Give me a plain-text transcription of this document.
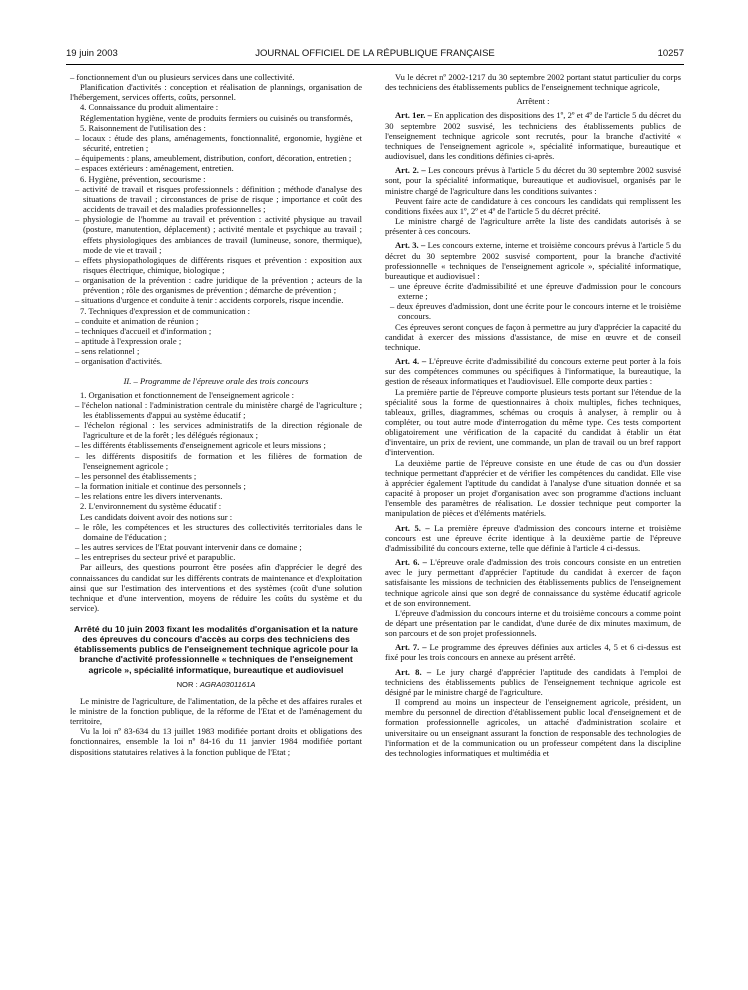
19 juin 2003	JOURNAL OFFICIEL DE LA RÉPUBLIQUE FRANÇAISE	10257

– fonctionnement d'un ou plusieurs services dans une collectivité.

Planification d'activités : conception et réalisation de plannings, organisation de l'hébergement, services offerts, coûts, personnel.

4. Connaissance du produit alimentaire :

Réglementation hygiène, vente de produits fermiers ou cuisinés ou transformés,

5. Raisonnement de l'utilisation des :

– locaux : étude des plans, aménagements, fonctionnalité, ergonomie, hygiène et sécurité, entretien ;

– équipements : plans, ameublement, distribution, confort, décoration, entretien ;

– espaces extérieurs : aménagement, entretien.

6. Hygiène, prévention, secourisme :

– activité de travail et risques professionnels : définition ; méthode d'analyse des situations de travail ; circonstances de prise de risque ; importance et coût des accidents de travail et des maladies professionnelles ;

– physiologie de l'homme au travail et prévention : activité physique au travail (posture, manutention, déplacement) ; activité mentale et psychique au travail ; effets physiologiques des ambiances de travail (lumineuse, sonore, thermique), mode de vie et travail ;

– effets physiopathologiques de différents risques et prévention : exposition aux risques électrique, chimique, biologique ;

– organisation de la prévention : cadre juridique de la prévention ; acteurs de la prévention ; rôle des organismes de prévention ; démarche de prévention ;

– situations d'urgence et conduite à tenir : accidents corporels, risque incendie.

7. Techniques d'expression et de communication :

– conduite et animation de réunion ;

– techniques d'accueil et d'information ;

– aptitude à l'expression orale ;

– sens relationnel ;

– organisation d'activités.

II. – Programme de l'épreuve orale des trois concours

1. Organisation et fonctionnement de l'enseignement agricole :

– l'échelon national : l'administration centrale du ministère chargé de l'agriculture ; les établissements d'appui au système éducatif ;

– l'échelon régional : les services administratifs de la direction régionale de l'agriculture et de la forêt ; les délégués régionaux ;

– les différents établissements d'enseignement agricole et leurs missions ;

– les différents dispositifs de formation et les filières de formation de l'enseignement agricole ;

– les personnel des établissements ;

– la formation initiale et continue des personnels ;

– les relations entre les divers intervenants.

2. L'environnement du système éducatif :

Les candidats doivent avoir des notions sur :

– le rôle, les compétences et les structures des collectivités territoriales dans le domaine de l'éducation ;

– les autres services de l'Etat pouvant intervenir dans ce domaine ;

– les entreprises du secteur privé et parapublic.

Par ailleurs, des questions pourront être posées afin d'apprécier le degré des connaissances du candidat sur les différents contrats de maintenance et d'exploitation ainsi que sur l'estimation des interventions et des systèmes (coût d'une solution technique et d'une intervention, moyens de réduire les coûts du système et du service).

Arrêté du 10 juin 2003 fixant les modalités d'organisation et la nature des épreuves du concours d'accès au corps des techniciens des établissements publics de l'enseignement technique agricole pour la branche d'activité professionnelle « techniques de l'enseignement agricole », spécialité informatique, bureautique et audiovisuel

NOR : AGRA0301161A

Le ministre de l'agriculture, de l'alimentation, de la pêche et des affaires rurales et le ministre de la fonction publique, de la réforme de l'Etat et de l'aménagement du territoire,

Vu la loi nº 83-634 du 13 juillet 1983 modifiée portant droits et obligations des fonctionnaires, ensemble la loi nº 84-16 du 11 janvier 1984 modifiée portant dispositions statutaires relatives à la fonction publique de l'Etat ;

Vu le décret nº 2002-1217 du 30 septembre 2002 portant statut particulier du corps des techniciens des établissements publics de l'enseignement technique agricole,

Arrêtent :

Art. 1er. – En application des dispositions des 1º, 2º et 4º de l'article 5 du décret du 30 septembre 2002 susvisé, les techniciens des établissements publics de l'enseignement technique agricole sont recrutés, pour la branche d'activité « techniques de l'enseignement agricole », spécialité informatique, bureautique et audiovisuel, dans les conditions définies ci-après.

Art. 2. – Les concours prévus à l'article 5 du décret du 30 septembre 2002 susvisé sont, pour la spécialité informatique, bureautique et audiovisuel, organisés par le ministre chargé de l'agriculture dans les conditions suivantes :

Peuvent faire acte de candidature à ces concours les candidats qui remplissent les conditions fixées aux 1º, 2º et 4º de l'article 5 du décret précité.

Le ministre chargé de l'agriculture arrête la liste des candidats autorisés à se présenter à ces concours.

Art. 3. – Les concours externe, interne et troisième concours prévus à l'article 5 du décret du 30 septembre 2002 susvisé comportent, pour la branche d'activité professionnelle « techniques de l'enseignement agricole », spécialité informatique, bureautique et audiovisuel :

– une épreuve écrite d'admissibilité et une épreuve d'admission pour le concours externe ;

– deux épreuves d'admission, dont une écrite pour le concours interne et le troisième concours.

Ces épreuves seront conçues de façon à permettre au jury d'apprécier la capacité du candidat à exercer des missions d'assistance, de mise en œuvre et de conseil technique.

Art. 4. – L'épreuve écrite d'admissibilité du concours externe peut porter à la fois sur des compétences communes ou spécifiques à l'informatique, la bureautique, la gestion de réseaux informatiques et l'audiovisuel. Elle comporte deux parties :

La première partie de l'épreuve comporte plusieurs tests portant sur l'étendue de la spécialité sous la forme de questionnaires à choix multiples, fiches techniques, tableaux, grilles, diagrammes, schémas ou croquis à analyser, à remplir ou à compléter, ou tout autre mode d'interrogation du même type. Ces tests comportent obligatoirement une vérification de la capacité du candidat à établir un état d'inventaire, un prix de revient, une commande, un plan de travail ou un bref rapport d'intervention.

La deuxième partie de l'épreuve consiste en une étude de cas ou d'un dossier technique permettant d'apprécier et de vérifier les compétences du candidat. Elle vise à apprécier également l'aptitude du candidat à l'analyse d'une situation donnée et sa capacité à proposer un projet d'organisation avec son programme d'actions incluant l'ensemble des paramètres de réalisation. Le dossier technique peut comporter la manipulation de pièces et d'éléments matériels.

Art. 5. – La première épreuve d'admission des concours interne et troisième concours est une épreuve écrite identique à la deuxième partie de l'épreuve d'admissibilité du concours externe, telle que définie à l'article 4 ci-dessus.

Art. 6. – L'épreuve orale d'admission des trois concours consiste en un entretien avec le jury permettant d'apprécier l'aptitude du candidat à exercer de façon satisfaisante les missions de technicien des établissements publics de l'enseignement technique agricole ainsi que son degré de connaissance du système éducatif agricole et de son environnement.

L'épreuve d'admission du concours interne et du troisième concours a comme point de départ une présentation par le candidat, d'une durée de dix minutes maximum, de son parcours et de son projet professionnels.

Art. 7. – Le programme des épreuves définies aux articles 4, 5 et 6 ci-dessus est fixé pour les trois concours en annexe au présent arrêté.

Art. 8. – Le jury chargé d'apprécier l'aptitude des candidats à l'emploi de techniciens des établissements publics de l'enseignement technique agricole est désigné par le ministre chargé de l'agriculture.

Il comprend au moins un inspecteur de l'enseignement agricole, président, un membre du personnel de direction d'établissement public local d'enseignement et de formation professionnelle agricoles, un attaché d'administration scolaire et universitaire ou un enseignant assurant la fonction de responsable des technologies de l'information et de la communication ou un professeur compétent dans la discipline des technologies informatiques et multimédia et
